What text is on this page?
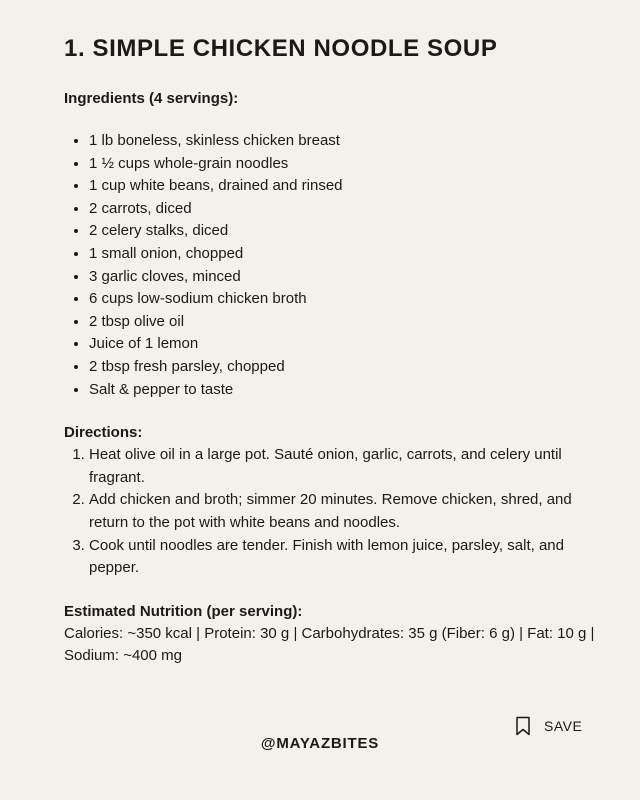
1. SIMPLE CHICKEN NOODLE SOUP
Ingredients (4 servings):
• 1 lb boneless, skinless chicken breast
• 1 ½ cups whole-grain noodles
• 1 cup white beans, drained and rinsed
• 2 carrots, diced
• 2 celery stalks, diced
• 1 small onion, chopped
• 3 garlic cloves, minced
• 6 cups low-sodium chicken broth
• 2 tbsp olive oil
• Juice of 1 lemon
• 2 tbsp fresh parsley, chopped
• Salt & pepper to taste
Directions:
1. Heat olive oil in a large pot. Sauté onion, garlic, carrots, and celery until fragrant.
2. Add chicken and broth; simmer 20 minutes. Remove chicken, shred, and return to the pot with white beans and noodles.
3. Cook until noodles are tender. Finish with lemon juice, parsley, salt, and pepper.
Estimated Nutrition (per serving):

Calories: ~350 kcal | Protein: 30 g | Carbohydrates: 35 g (Fiber: 6 g) | Fat: 10 g | Sodium: ~400 mg

SAVE
@MAYAZBITES
